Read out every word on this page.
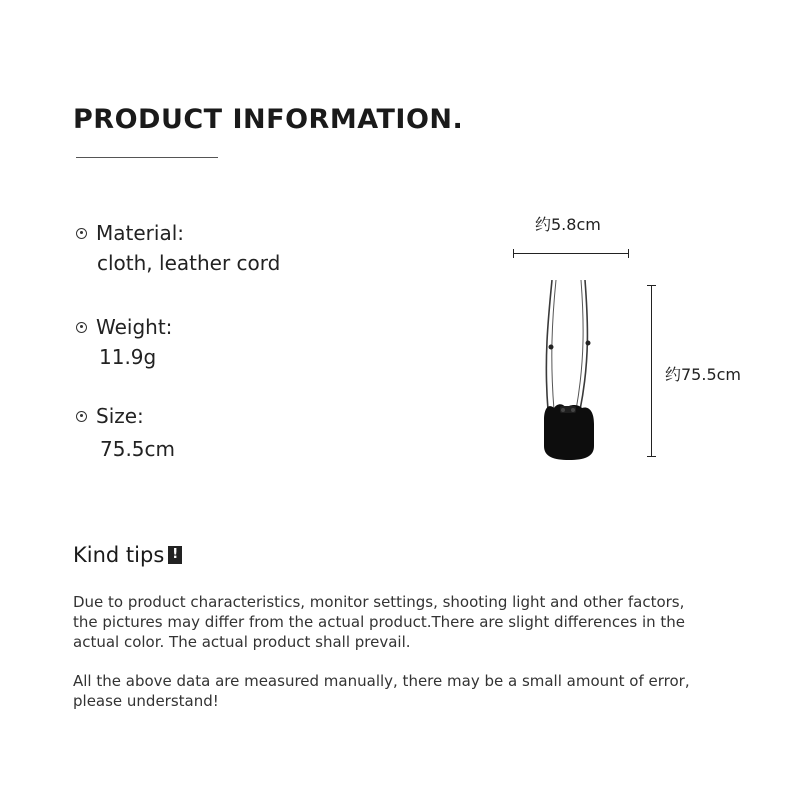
PRODUCT INFORMATION.
Material:
cloth, leather cord
Weight:
11.9g
Size:
75.5cm
约5.8cm
约75.5cm
Kind tips !
Due to product characteristics, monitor settings, shooting light and other factors, the pictures may differ from the actual product.There are slight differences in the actual color. The actual product shall prevail.
All the above data are measured manually, there may be a small amount of error, please understand!
